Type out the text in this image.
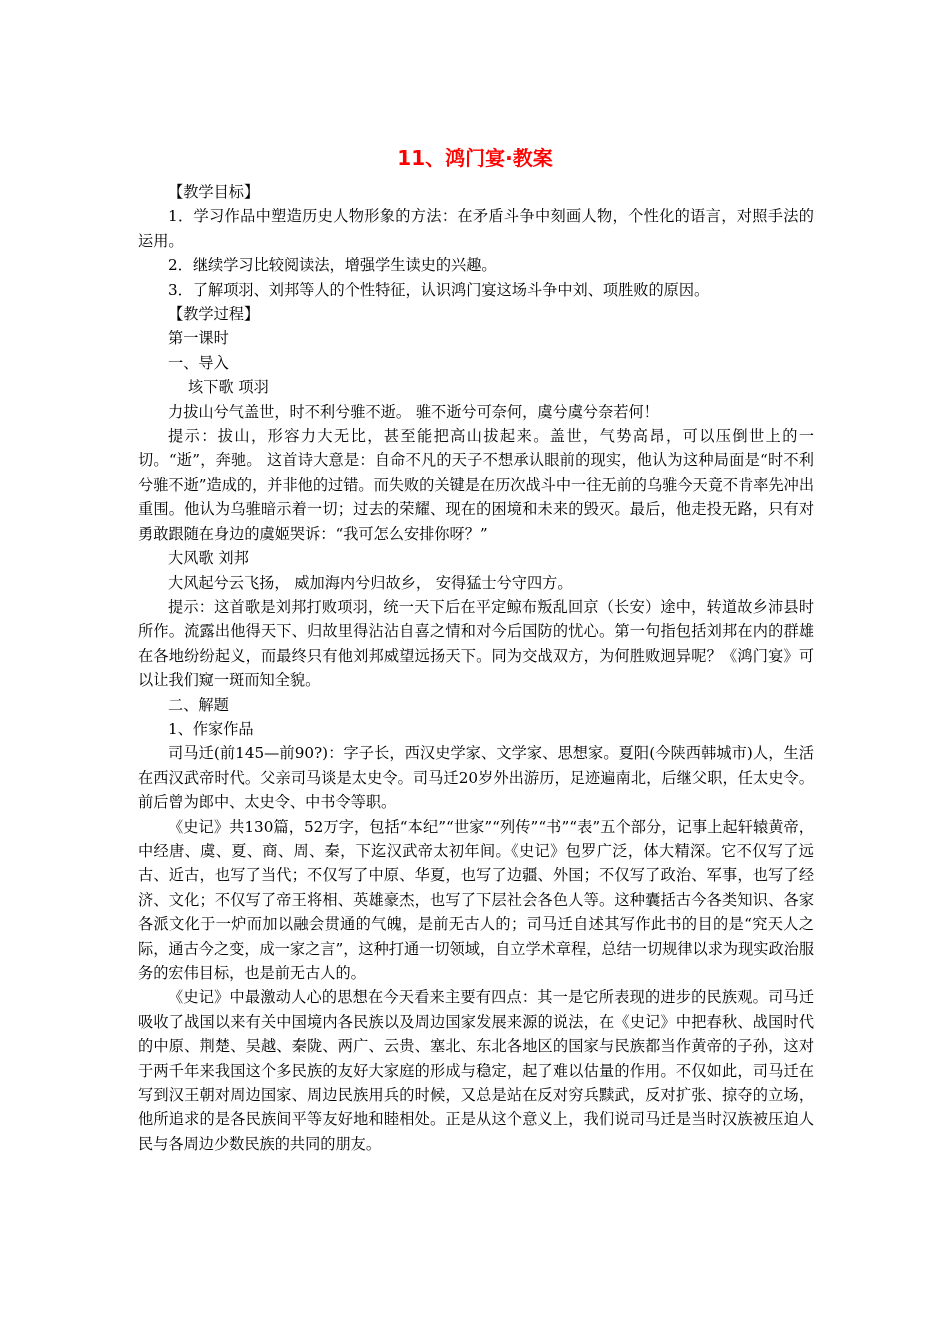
11、鸿门宴·教案

【教学目标】

1．学习作品中塑造历史人物形象的方法：在矛盾斗争中刻画人物，个性化的语言，对照手法的运用。

2．继续学习比较阅读法，增强学生读史的兴趣。

3．了解项羽、刘邦等人的个性特征，认识鸿门宴这场斗争中刘、项胜败的原因。

【教学过程】

第一课时

一、导入

垓下歌 项羽

力拔山兮气盖世，时不利兮骓不逝。 骓不逝兮可奈何，虞兮虞兮奈若何！

提示：拔山，形容力大无比，甚至能把高山拔起来。盖世，气势高昂，可以压倒世上的一切。“逝”，奔驰。 这首诗大意是：自命不凡的天子不想承认眼前的现实，他认为这种局面是“时不利兮骓不逝”造成的，并非他的过错。而失败的关键是在历次战斗中一往无前的乌骓今天竟不肯率先冲出重围。他认为乌骓暗示着一切；过去的荣耀、现在的困境和未来的毁灭。最后，他走投无路，只有对勇敢跟随在身边的虞姬哭诉：“我可怎么安排你呀？”

大风歌 刘邦

大风起兮云飞扬， 威加海内兮归故乡， 安得猛士兮守四方。

提示：这首歌是刘邦打败项羽，统一天下后在平定鲸布叛乱回京（长安）途中，转道故乡沛县时所作。流露出他得天下、归故里得沾沾自喜之情和对今后国防的忧心。第一句指包括刘邦在内的群雄在各地纷纷起义，而最终只有他刘邦威望远扬天下。同为交战双方，为何胜败迥异呢？《鸿门宴》可以让我们窥一斑而知全貌。

二、解题

1、作家作品

司马迁(前145—前90?)：字子长，西汉史学家、文学家、思想家。夏阳(今陕西韩城市)人，生活在西汉武帝时代。父亲司马谈是太史令。司马迁20岁外出游历，足迹遍南北，后继父职，任太史令。前后曾为郎中、太史令、中书令等职。

《史记》共130篇，52万字，包括“本纪”“世家”“列传”“书”“表”五个部分，记事上起轩辕黄帝，中经唐、虞、夏、商、周、秦，下迄汉武帝太初年间。《史记》包罗广泛，体大精深。它不仅写了远古、近古，也写了当代；不仅写了中原、华夏，也写了边疆、外国；不仅写了政治、军事，也写了经济、文化；不仅写了帝王将相、英雄豪杰，也写了下层社会各色人等。这种囊括古今各类知识、各家各派文化于一炉而加以融会贯通的气魄，是前无古人的；司马迁自述其写作此书的目的是“究天人之际，通古今之变，成一家之言”，这种打通一切领域，自立学术章程，总结一切规律以求为现实政治服务的宏伟目标，也是前无古人的。

《史记》中最激动人心的思想在今天看来主要有四点：其一是它所表现的进步的民族观。司马迁吸收了战国以来有关中国境内各民族以及周边国家发展来源的说法，在《史记》中把春秋、战国时代的中原、荆楚、吴越、秦陇、两广、云贵、塞北、东北各地区的国家与民族都当作黄帝的子孙，这对于两千年来我国这个多民族的友好大家庭的形成与稳定，起了难以估量的作用。不仅如此，司马迁在写到汉王朝对周边国家、周边民族用兵的时候，又总是站在反对穷兵黩武，反对扩张、掠夺的立场，他所追求的是各民族间平等友好地和睦相处。正是从这个意义上，我们说司马迁是当时汉族被压迫人民与各周边少数民族的共同的朋友。
